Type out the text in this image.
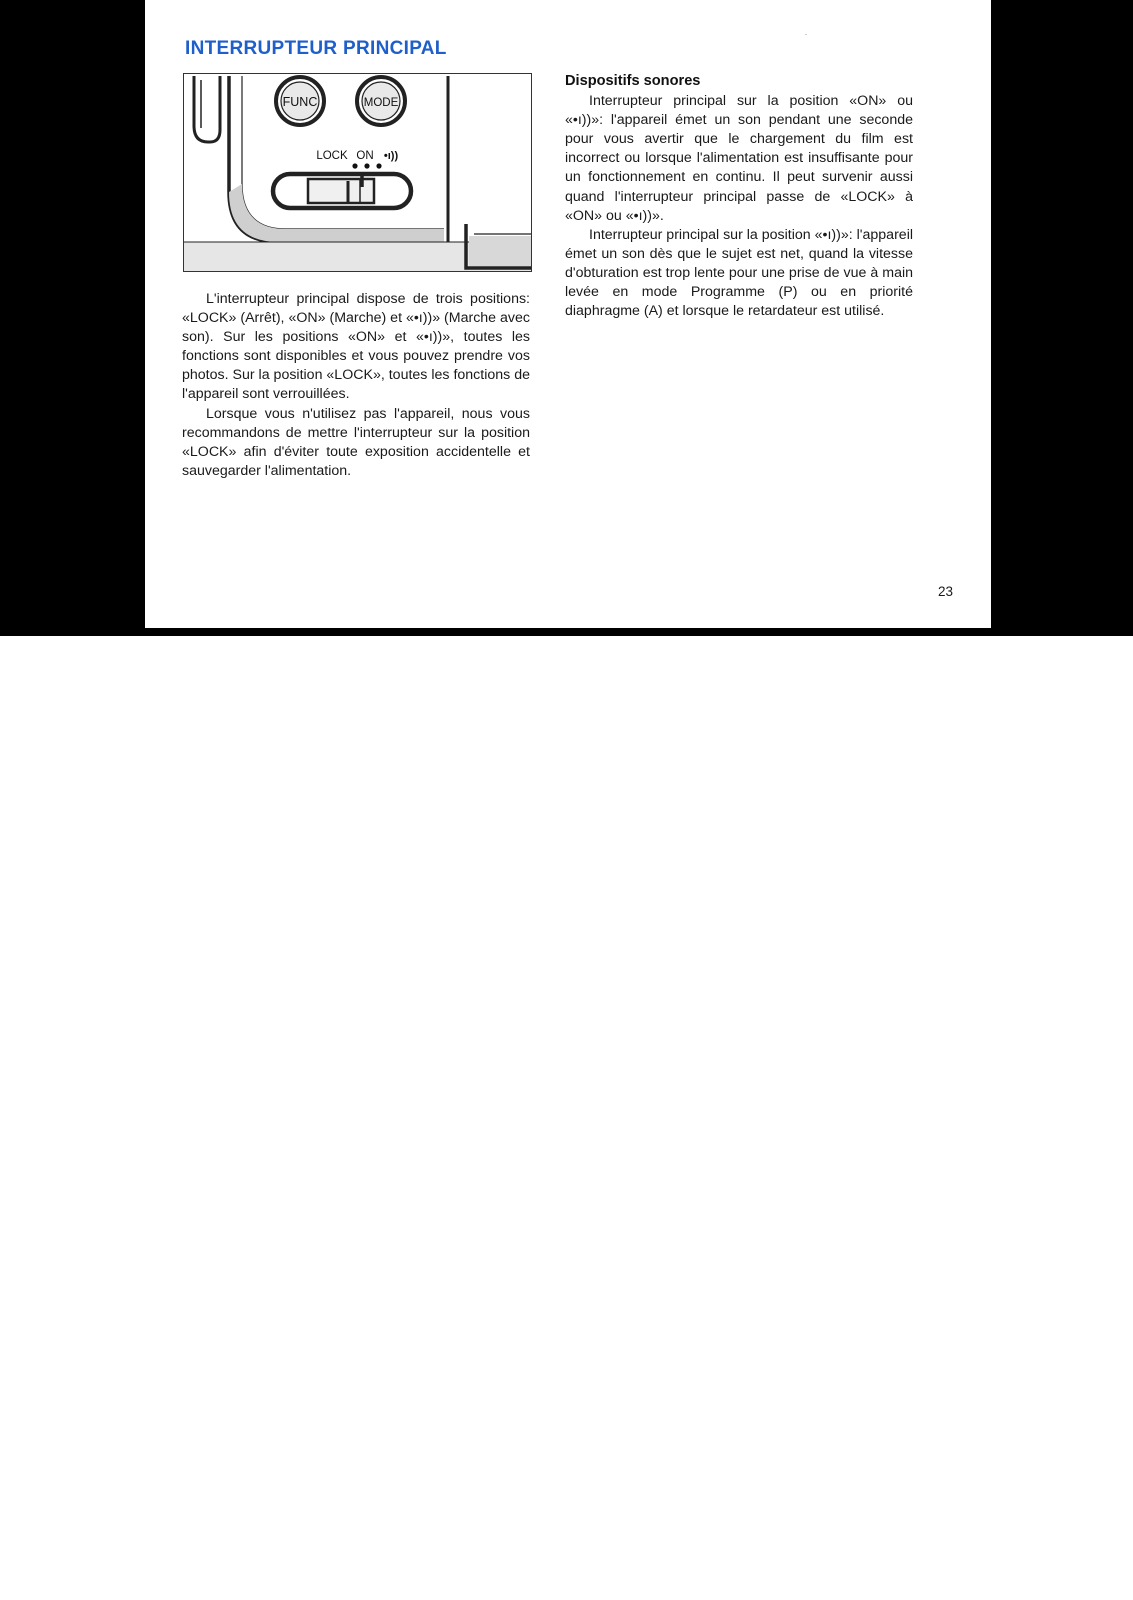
INTERRUPTEUR PRINCIPAL
FUNC	MODE
LOCK ON •ı))

L'interrupteur principal dispose de trois positions: «LOCK» (Arrêt), «ON» (Marche) et «•ı))» (Marche avec son). Sur les positions «ON» et «•ı))», toutes les fonctions sont disponibles et vous pouvez prendre vos photos. Sur la position «LOCK», toutes les fonctions de l'appareil sont verrouillées.

Lorsque vous n'utilisez pas l'appareil, nous vous recommandons de mettre l'interrupteur sur la position «LOCK» afin d'éviter toute exposition accidentelle et sauvegarder l'alimentation.

Dispositifs sonores

Interrupteur principal sur la position «ON» ou «•ı))»: l'appareil émet un son pendant une seconde pour vous avertir que le chargement du film est incorrect ou lorsque l'alimentation est insuffisante pour un fonctionnement en continu. Il peut survenir aussi quand l'interrupteur principal passe de «LOCK» à «ON» ou «•ı))».

Interrupteur principal sur la position «•ı))»: l'appareil émet un son dès que le sujet est net, quand la vitesse d'obturation est trop lente pour une prise de vue à main levée en mode Programme (P) ou en priorité diaphragme (A) et lorsque le retardateur est utilisé.

23
